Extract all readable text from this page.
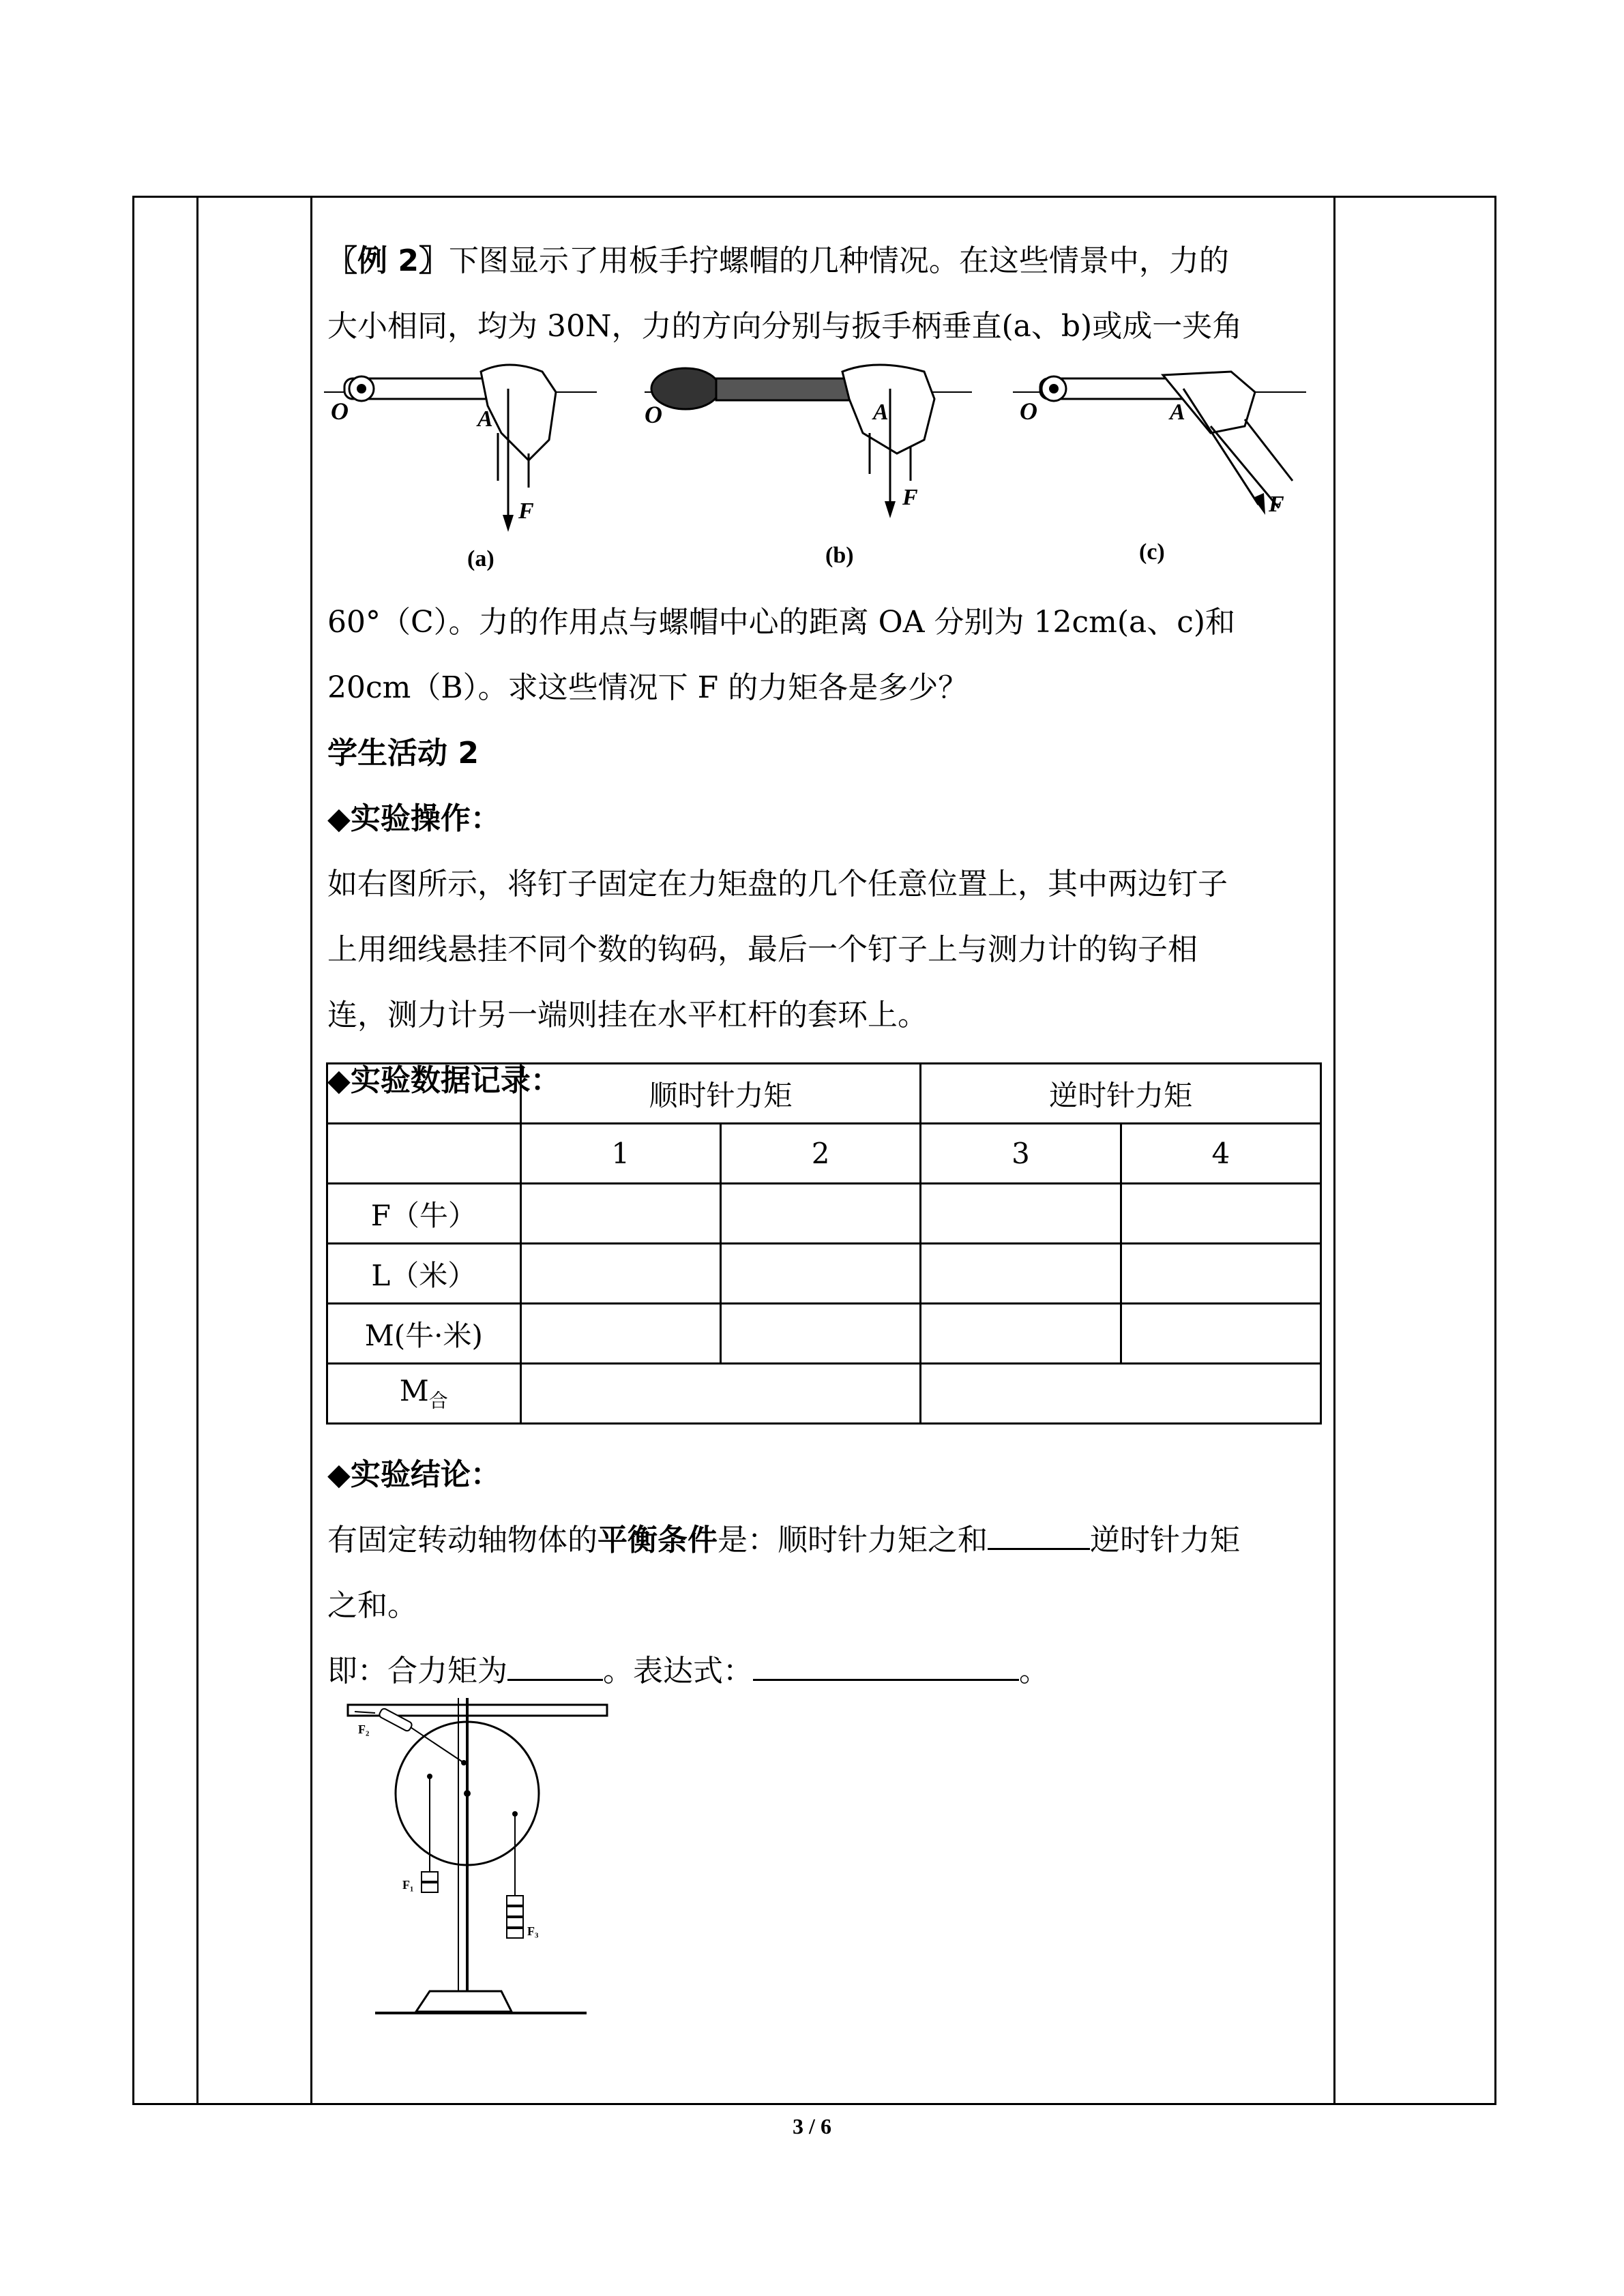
〖例 2〗下图显示了用板手拧螺帽的几种情况。在这些情景中，力的
大小相同，均为 30N，力的方向分别与扳手柄垂直(a、b)或成一夹角
O	A
F
(a)
O	A
F
(b)
O	A
F
(c)
60°（C）。力的作用点与螺帽中心的距离 OA 分别为 12cm(a、c)和
20cm（B）。求这些情况下 F 的力矩各是多少？
学生活动 2
◆实验操作：
如右图所示，将钉子固定在力矩盘的几个任意位置上，其中两边钉子
上用细线悬挂不同个数的钩码，最后一个钉子上与测力计的钩子相
连，测力计另一端则挂在水平杠杆的套环上。
◆实验数据记录：
		顺时针力矩		逆时针力矩	
	1	2	3	4
F（牛）				
L（米）				
M(牛·米)				
$M_合$		
◆实验结论：
有固定转动轴物体的平衡条件是：顺时针力矩之和	逆时针力矩
之和。
即：合力矩为	。表达式：	。
F₂
F₁
F₃
3 / 6
